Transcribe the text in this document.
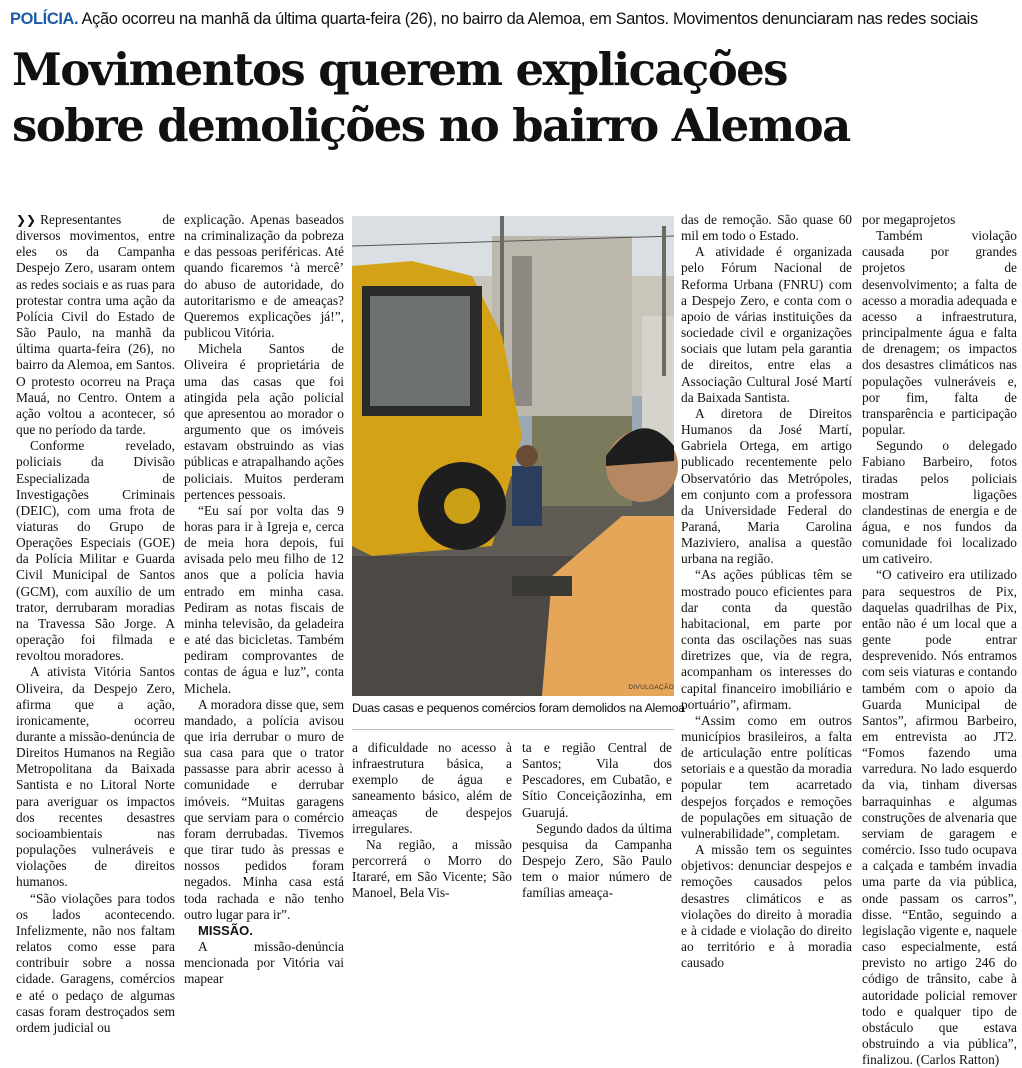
POLÍCIA. Ação ocorreu na manhã da última quarta-feira (26), no bairro da Alemoa, em Santos. Movimentos denunciaram nas redes sociais
Movimentos querem explicações
sobre demolições no bairro Alemoa

❯❯ Representantes de diversos movimentos, entre eles os da Campanha Despejo Zero, usaram ontem as redes sociais e as ruas para protestar contra uma ação da Polícia Civil do Estado de São Paulo, na manhã da última quarta-feira (26), no bairro da Alemoa, em Santos. O protesto ocorreu na Praça Mauá, no Centro. Ontem a ação voltou a acontecer, só que no período da tarde.

Conforme revelado, policiais da Divisão Especializada de Investigações Criminais (DEIC), com uma frota de viaturas do Grupo de Operações Especiais (GOE) da Polícia Militar e Guarda Civil Municipal de Santos (GCM), com auxílio de um trator, derrubaram moradias na Travessa São Jorge. A operação foi filmada e revoltou moradores.

A ativista Vitória Santos Oliveira, da Despejo Zero, afirma que a ação, ironicamente, ocorreu durante a missão-denúncia de Direitos Humanos na Região Metropolitana da Baixada Santista e no Litoral Norte para averiguar os impactos dos recentes desastres socioambientais nas populações vulneráveis e violações de direitos humanos.

“São violações para todos os lados acontecendo. Infelizmente, não nos faltam relatos como esse para contribuir sobre a nossa cidade. Garagens, comércios e até o pedaço de algumas casas foram destroçados sem ordem judicial ou

explicação. Apenas baseados na criminalização da pobreza e das pessoas periféricas. Até quando ficaremos ‘à mercê’ do abuso de autoridade, do autoritarismo e de ameaças? Queremos explicações já!”, publicou Vitória.

Michela Santos de Oliveira é proprietária de uma das casas que foi atingida pela ação policial que apresentou ao morador o argumento que os imóveis estavam obstruindo as vias públicas e atrapalhando ações policiais. Muitos perderam pertences pessoais.

“Eu saí por volta das 9 horas para ir à Igreja e, cerca de meia hora depois, fui avisada pelo meu filho de 12 anos que a polícia havia entrado em minha casa. Pediram as notas fiscais de minha televisão, da geladeira e até das bicicletas. Também pediram comprovantes de contas de água e luz”, conta Michela.

A moradora disse que, sem mandado, a polícia avisou que iria derrubar o muro de sua casa para que o trator passasse para abrir acesso à comunidade e derrubar imóveis. “Muitas garagens que serviam para o comércio foram derrubadas. Tivemos que tirar tudo às pressas e nossos pedidos foram negados. Minha casa está toda rachada e não tenho outro lugar para ir”.

MISSÃO.

A missão-denúncia mencionada por Vitória vai mapear

DIVULGAÇÃO
Duas casas e pequenos comércios foram demolidos na Alemoa

a dificuldade no acesso à infraestrutura básica, a exemplo de água e saneamento básico, além de ameaças de despejos irregulares.

Na região, a missão percorrerá o Morro do Itararé, em São Vicente; São Manoel, Bela Vis-

ta e região Central de Santos; Vila dos Pescadores, em Cubatão, e Sítio Conceiçãozinha, em Guarujá.

Segundo dados da última pesquisa da Campanha Despejo Zero, São Paulo tem o maior número de famílias ameaça-

das de remoção. São quase 60 mil em todo o Estado.

A atividade é organizada pelo Fórum Nacional de Reforma Urbana (FNRU) com a Despejo Zero, e conta com o apoio de várias instituições da sociedade civil e organizações sociais que lutam pela garantia de direitos, entre elas a Associação Cultural José Martí da Baixada Santista.

A diretora de Direitos Humanos da José Martí, Gabriela Ortega, em artigo publicado recentemente pelo Observatório das Metrópoles, em conjunto com a professora da Universidade Federal do Paraná, Maria Carolina Maziviero, analisa a questão urbana na região.

“As ações públicas têm se mostrado pouco eficientes para dar conta da questão habitacional, em parte por conta das oscilações nas suas diretrizes que, via de regra, acompanham os interesses do capital financeiro imobiliário e portuário”, afirmam.

“Assim como em outros municípios brasileiros, a falta de articulação entre políticas setoriais e a questão da moradia popular tem acarretado despejos forçados e remoções de populações em situação de vulnerabilidade”, completam.

A missão tem os seguintes objetivos: denunciar despejos e remoções causados pelos desastres climáticos e as violações do direito à moradia e à cidade e violação do direito ao território e à moradia causado

por megaprojetos

Também violação causada por grandes projetos de desenvolvimento; a falta de acesso a moradia adequada e acesso a infraestrutura, principalmente água e falta de drenagem; os impactos dos desastres climáticos nas populações vulneráveis e, por fim, falta de transparência e participação popular.

Segundo o delegado Fabiano Barbeiro, fotos tiradas pelos policiais mostram ligações clandestinas de energia e de água, e nos fundos da comunidade foi localizado um cativeiro.

“O cativeiro era utilizado para sequestros de Pix, daquelas quadrilhas de Pix, então não é um local que a gente pode entrar desprevenido. Nós entramos com seis viaturas e contando também com o apoio da Guarda Municipal de Santos”, afirmou Barbeiro, em entrevista ao JT2. “Fomos fazendo uma varredura. No lado esquerdo da via, tinham diversas barraquinhas e algumas construções de alvenaria que serviam de garagem e comércio. Isso tudo ocupava a calçada e também invadia uma parte da via pública, onde passam os carros”, disse. “Então, seguindo a legislação vigente e, naquele caso especialmente, está previsto no artigo 246 do código de trânsito, cabe à autoridade policial remover todo e qualquer tipo de obstáculo que estava obstruindo a via pública”, finalizou. (Carlos Ratton)
